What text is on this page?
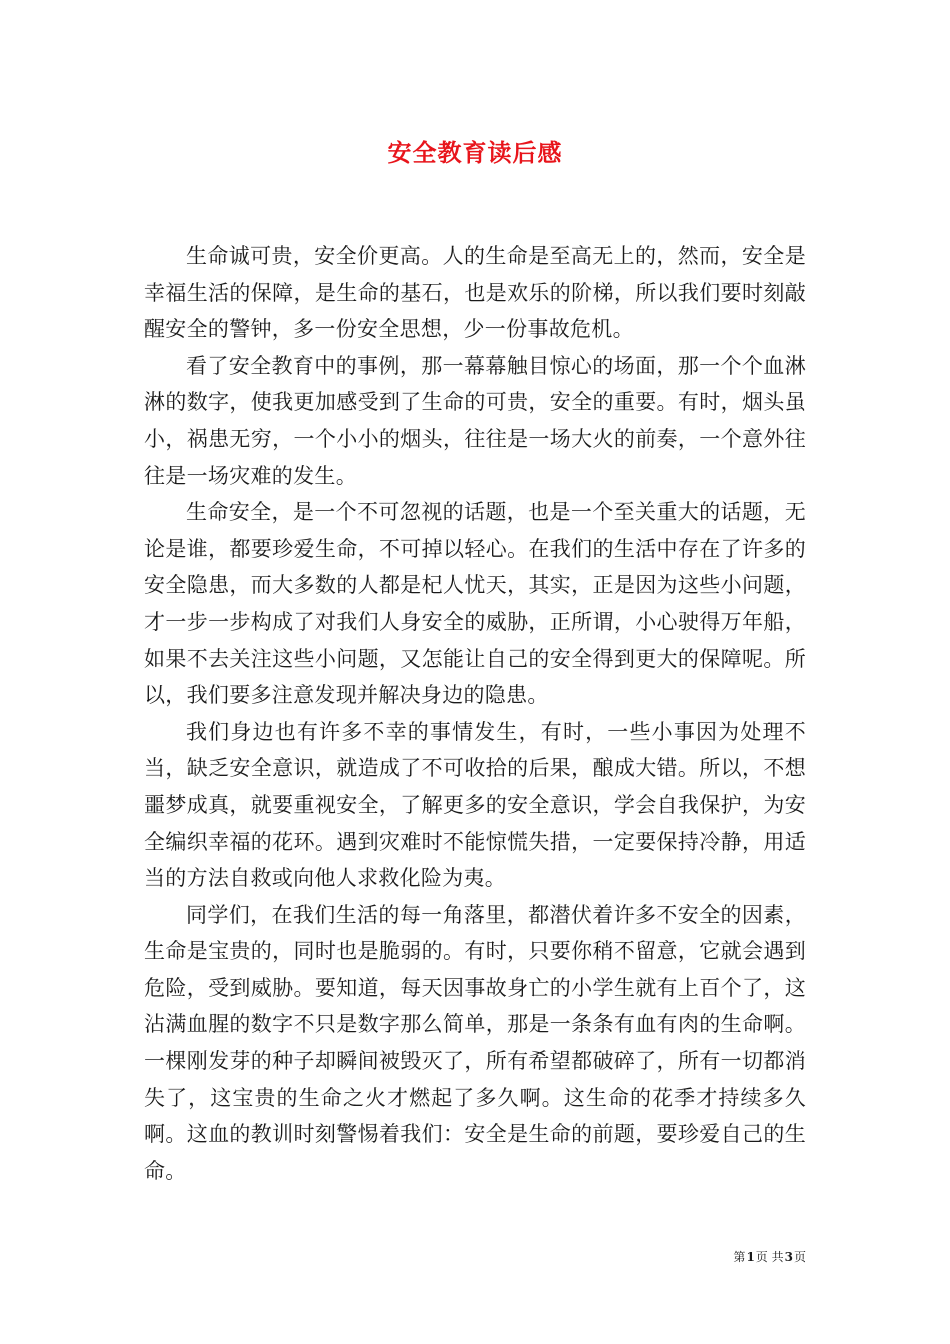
安全教育读后感

生命诚可贵，安全价更高。人的生命是至高无上的，然而，安全是幸福生活的保障，是生命的基石，也是欢乐的阶梯，所以我们要时刻敲醒安全的警钟，多一份安全思想，少一份事故危机。

看了安全教育中的事例，那一幕幕触目惊心的场面，那一个个血淋淋的数字，使我更加感受到了生命的可贵，安全的重要。有时，烟头虽小，祸患无穷，一个小小的烟头，往往是一场大火的前奏，一个意外往往是一场灾难的发生。

生命安全，是一个不可忽视的话题，也是一个至关重大的话题，无论是谁，都要珍爱生命，不可掉以轻心。在我们的生活中存在了许多的安全隐患，而大多数的人都是杞人忧天，其实，正是因为这些小问题，才一步一步构成了对我们人身安全的威胁，正所谓，小心驶得万年船，如果不去关注这些小问题，又怎能让自己的安全得到更大的保障呢。所以，我们要多注意发现并解决身边的隐患。

我们身边也有许多不幸的事情发生，有时，一些小事因为处理不当，缺乏安全意识，就造成了不可收拾的后果，酿成大错。所以，不想噩梦成真，就要重视安全，了解更多的安全意识，学会自我保护，为安全编织幸福的花环。遇到灾难时不能惊慌失措，一定要保持冷静，用适当的方法自救或向他人求救化险为夷。

同学们，在我们生活的每一角落里，都潜伏着许多不安全的因素，生命是宝贵的，同时也是脆弱的。有时，只要你稍不留意，它就会遇到危险，受到威胁。要知道，每天因事故身亡的小学生就有上百个了，这沾满血腥的数字不只是数字那么简单，那是一条条有血有肉的生命啊。一棵刚发芽的种子却瞬间被毁灭了，所有希望都破碎了，所有一切都消失了，这宝贵的生命之火才燃起了多久啊。这生命的花季才持续多久啊。这血的教训时刻警惕着我们：安全是生命的前题，要珍爱自己的生命。

第1页 共3页
